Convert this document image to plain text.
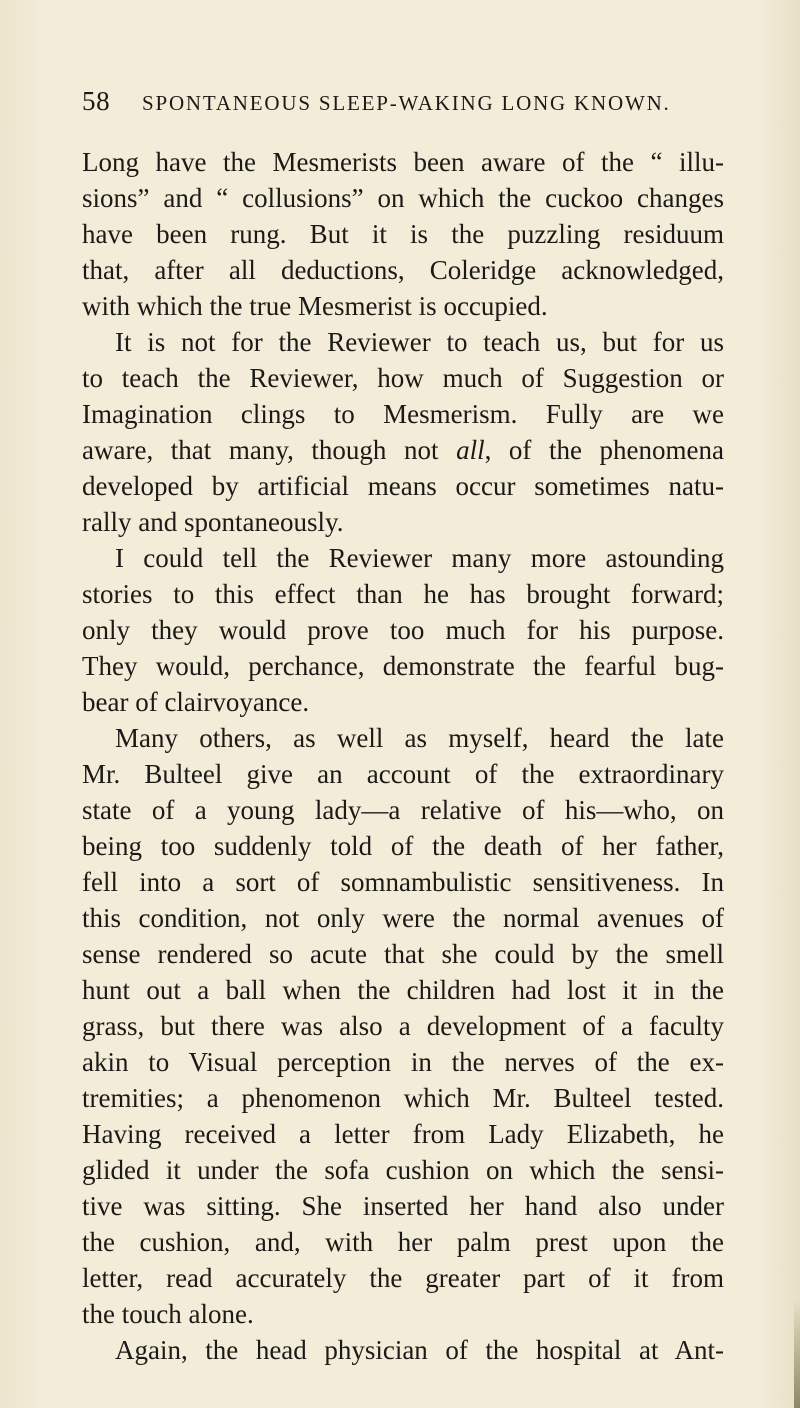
58 SPONTANEOUS SLEEP-WAKING LONG KNOWN.
Long have the Mesmerists been aware of the “ illu-
sions” and “ collusions” on which the cuckoo changes
have been rung. But it is the puzzling residuum
that, after all deductions, Coleridge acknowledged,
with which the true Mesmerist is occupied.
It is not for the Reviewer to teach us, but for us
to teach the Reviewer, how much of Suggestion or
Imagination clings to Mesmerism. Fully are we
aware, that many, though not all, of the phenomena
developed by artificial means occur sometimes natu-
rally and spontaneously.
I could tell the Reviewer many more astounding
stories to this effect than he has brought forward;
only they would prove too much for his purpose.
They would, perchance, demonstrate the fearful bug-
bear of clairvoyance.
Many others, as well as myself, heard the late
Mr. Bulteel give an account of the extraordinary
state of a young lady—a relative of his—who, on
being too suddenly told of the death of her father,
fell into a sort of somnambulistic sensitiveness. In
this condition, not only were the normal avenues of
sense rendered so acute that she could by the smell
hunt out a ball when the children had lost it in the
grass, but there was also a development of a faculty
akin to Visual perception in the nerves of the ex-
tremities; a phenomenon which Mr. Bulteel tested.
Having received a letter from Lady Elizabeth, he
glided it under the sofa cushion on which the sensi-
tive was sitting. She inserted her hand also under
the cushion, and, with her palm prest upon the
letter, read accurately the greater part of it from
the touch alone.
Again, the head physician of the hospital at Ant-
